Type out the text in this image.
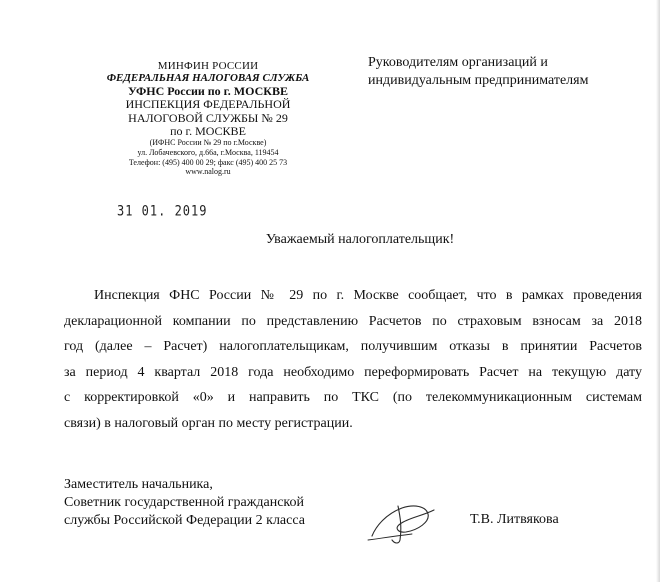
МИНФИН РОССИИ
ФЕДЕРАЛЬНАЯ НАЛОГОВАЯ СЛУЖБА
УФНС России по г. МОСКВЕ
ИНСПЕКЦИЯ ФЕДЕРАЛЬНОЙ
НАЛОГОВОЙ СЛУЖБЫ № 29
по г. МОСКВЕ
(ИФНС России № 29 по г.Москве)
ул. Лобачевского, д.66а, г.Москва, 119454
Телефон: (495) 400 00 29; факс (495) 400 25 73
www.nalog.ru
Руководителям организаций и
индивидуальным предпринимателям
31 01. 2019
Уважаемый налогоплательщик!
Инспекция ФНС России № 29 по г. Москве сообщает, что в рамках проведения
декларационной компании по представлению Расчетов по страховым взносам за 2018
год (далее – Расчет) налогоплательщикам, получившим отказы в принятии Расчетов
за период 4 квартал 2018 года необходимо переформировать Расчет на текущую дату
с корректировкой «0» и направить по ТКС (по телекоммуникационным системам
связи) в налоговый орган по месту регистрации.
Заместитель начальника,
Советник государственной гражданской
службы Российской Федерации 2 класса	Т.В. Литвякова
